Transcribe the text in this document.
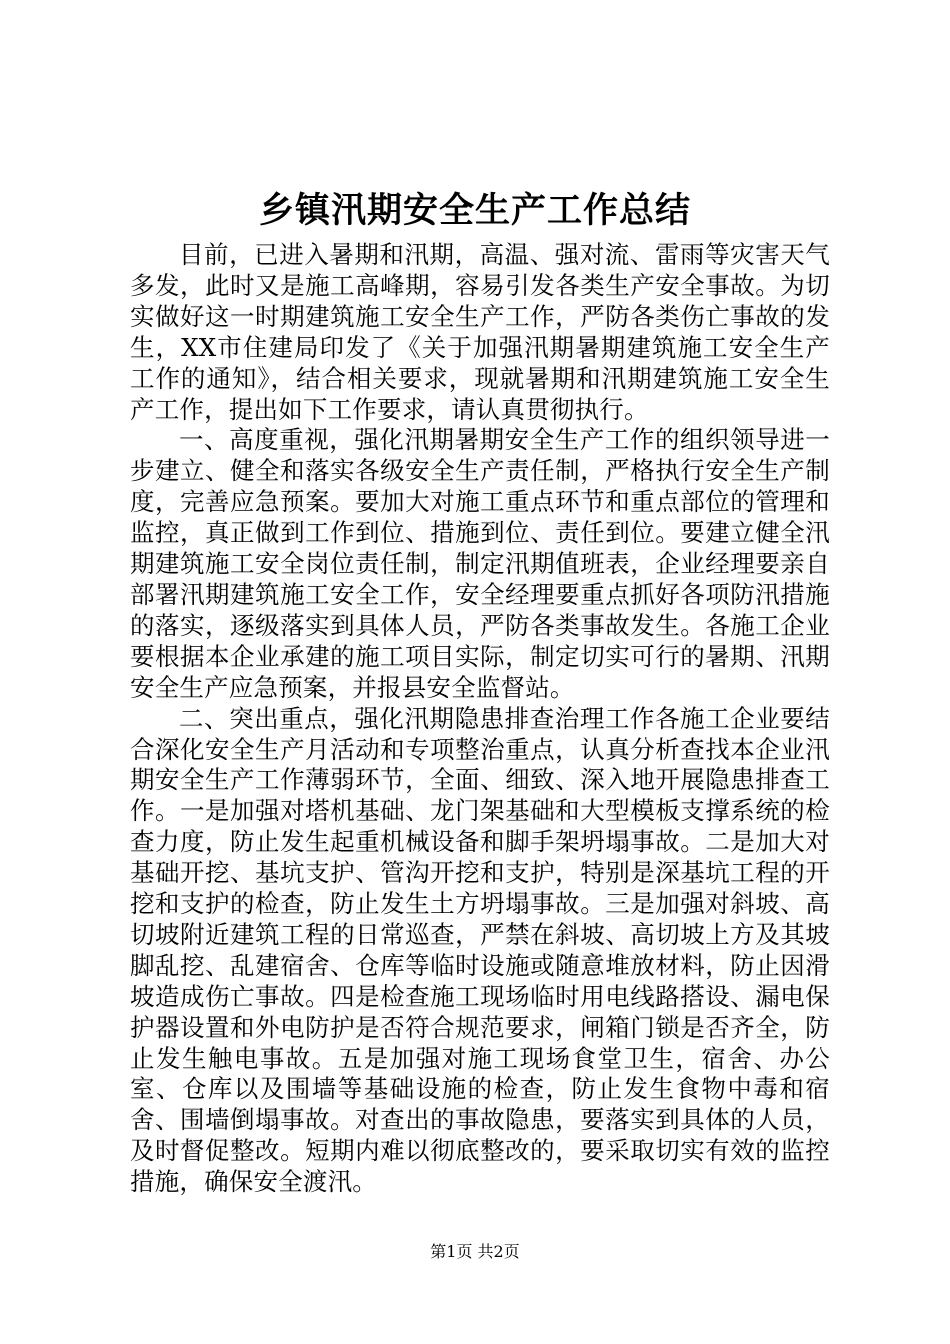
乡镇汛期安全生产工作总结

目前，已进入暑期和汛期，高温、强对流、雷雨等灾害天气多发，此时又是施工高峰期，容易引发各类生产安全事故。为切实做好这一时期建筑施工安全生产工作，严防各类伤亡事故的发生，XX市住建局印发了《关于加强汛期暑期建筑施工安全生产工作的通知》，结合相关要求，现就暑期和汛期建筑施工安全生产工作，提出如下工作要求，请认真贯彻执行。

一、高度重视，强化汛期暑期安全生产工作的组织领导进一步建立、健全和落实各级安全生产责任制，严格执行安全生产制度，完善应急预案。要加大对施工重点环节和重点部位的管理和监控，真正做到工作到位、措施到位、责任到位。要建立健全汛期建筑施工安全岗位责任制，制定汛期值班表，企业经理要亲自部署汛期建筑施工安全工作，安全经理要重点抓好各项防汛措施的落实，逐级落实到具体人员，严防各类事故发生。各施工企业要根据本企业承建的施工项目实际，制定切实可行的暑期、汛期安全生产应急预案，并报县安全监督站。

二、突出重点，强化汛期隐患排查治理工作各施工企业要结合深化安全生产月活动和专项整治重点，认真分析查找本企业汛期安全生产工作薄弱环节，全面、细致、深入地开展隐患排查工作。一是加强对塔机基础、龙门架基础和大型模板支撑系统的检查力度，防止发生起重机械设备和脚手架坍塌事故。二是加大对基础开挖、基坑支护、管沟开挖和支护，特别是深基坑工程的开挖和支护的检查，防止发生土方坍塌事故。三是加强对斜坡、高切坡附近建筑工程的日常巡查，严禁在斜坡、高切坡上方及其坡脚乱挖、乱建宿舍、仓库等临时设施或随意堆放材料，防止因滑坡造成伤亡事故。四是检查施工现场临时用电线路搭设、漏电保护器设置和外电防护是否符合规范要求，闸箱门锁是否齐全，防止发生触电事故。五是加强对施工现场食堂卫生，宿舍、办公室、仓库以及围墙等基础设施的检查，防止发生食物中毒和宿舍、围墙倒塌事故。对查出的事故隐患，要落实到具体的人员，及时督促整改。短期内难以彻底整改的，要采取切实有效的监控措施，确保安全渡汛。

第1页 共2页
